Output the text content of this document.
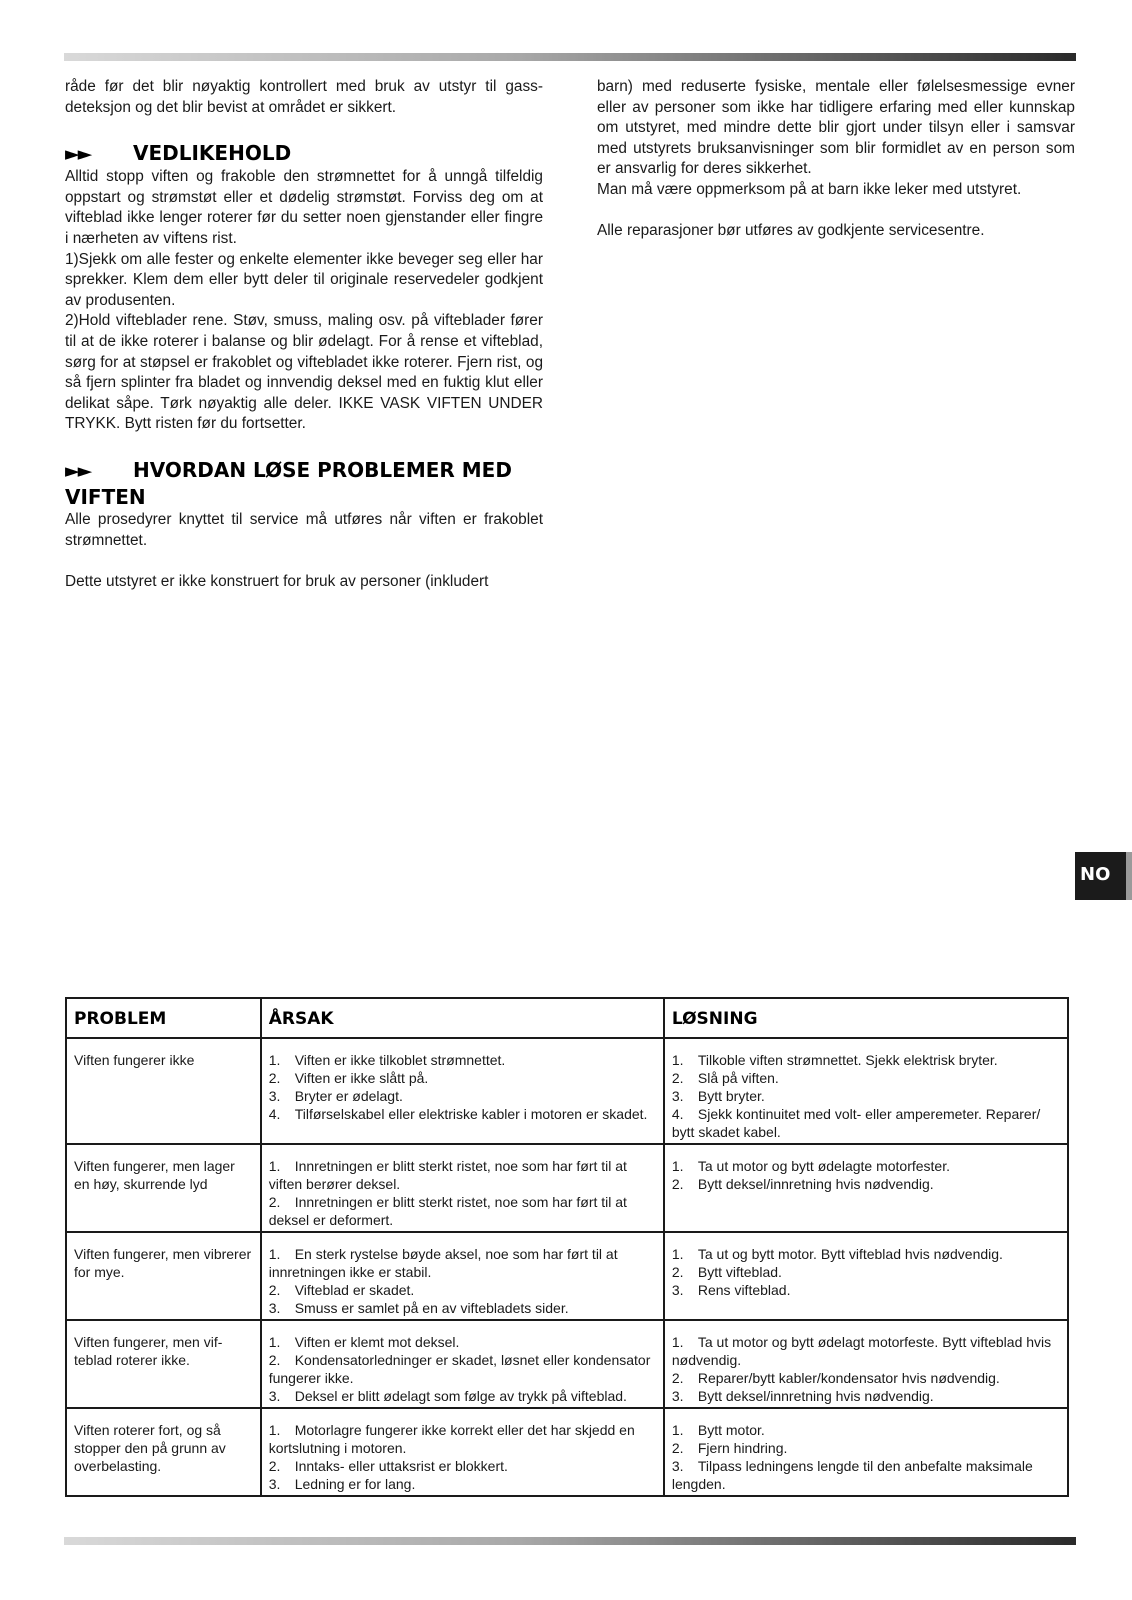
råde før det blir nøyaktig kontrollert med bruk av utstyr til gassdeteksjon og det blir bevist at området er sikkert.

►► VEDLIKEHOLD

Alltid stopp viften og frakoble den strømnettet for å unngå tilfeldig oppstart og strømstøt eller et dødelig strømstøt. Forviss deg om at vifteblad ikke lenger roterer før du setter noen gjenstander eller fingre i nærheten av viftens rist.

1)Sjekk om alle fester og enkelte elementer ikke beveger seg eller har sprekker. Klem dem eller bytt deler til originale reservedeler godkjent av produsenten.

2)Hold vifteblader rene. Støv, smuss, maling osv. på vifteblader fører til at de ikke roterer i balanse og blir ødelagt. For å rense et vifteblad, sørg for at støpsel er frakoblet og viftebladet ikke roterer. Fjern rist, og så fjern splinter fra bladet og innvendig deksel med en fuktig klut eller delikat såpe. Tørk nøyaktig alle deler. IKKE VASK VIFTEN UNDER TRYKK. Bytt risten før du fortsetter.

►► HVORDAN LØSE PROBLEMER MED VIFTEN

Alle prosedyrer knyttet til service må utføres når viften er frakoblet strømnettet.

Dette utstyret er ikke konstruert for bruk av personer (inkludert

barn) med reduserte fysiske, mentale eller følelsesmessige evner eller av personer som ikke har tidligere erfaring med eller kunnskap om utstyret, med mindre dette blir gjort under tilsyn eller i samsvar med utstyrets bruksanvisninger som blir formidlet av en person som er ansvarlig for deres sikkerhet.

Man må være oppmerksom på at barn ikke leker med utstyret.

Alle reparasjoner bør utføres av godkjente servicesentre.

NO
PROBLEM	ÅRSAK	LØSNING
Viften fungerer ikke	1. Viften er ikke tilkoblet strømnettet.
2. Viften er ikke slått på.
3. Bryter er ødelagt.
4. Tilførselskabel eller elektriske kabler i motoren er skadet.	1. Tilkoble viften strømnettet. Sjekk elektrisk bryter.
2. Slå på viften.
3. Bytt bryter.
4. Sjekk kontinuitet med volt- eller amperemeter. Reparer/ bytt skadet kabel.

Viften fungerer, men lager en høy, skurrende lyd	1. Innretningen er blitt sterkt ristet, noe som har ført til at viften berører deksel.
2. Innretningen er blitt sterkt ristet, noe som har ført til at deksel er deformert.	1. Ta ut motor og bytt ødelagte motorfester.
2. Bytt deksel/innretning hvis nødvendig.

Viften fungerer, men vibrerer for mye.	1. En sterk rystelse bøyde aksel, noe som har ført til at innretningen ikke er stabil.
2. Vifteblad er skadet.
3. Smuss er samlet på en av viftebladets sider.	1. Ta ut og bytt motor. Bytt vifteblad hvis nødvendig.
2. Bytt vifteblad.
3. Rens vifteblad.

Viften fungerer, men vifteblad roterer ikke.	1. Viften er klemt mot deksel.
2. Kondensatorledninger er skadet, løsnet eller kondensator fungerer ikke.
3. Deksel er blitt ødelagt som følge av trykk på vifteblad.	1. Ta ut motor og bytt ødelagt motorfeste. Bytt vifteblad hvis nødvendig.
2. Reparer/bytt kabler/kondensator hvis nødvendig.
3. Bytt deksel/innretning hvis nødvendig.

Viften roterer fort, og så stopper den på grunn av overbelasting.	1. Motorlagre fungerer ikke korrekt eller det har skjedd en kortslutning i motoren.
2. Inntaks- eller uttaksrist er blokkert.
3. Ledning er for lang.	1. Bytt motor.
2. Fjern hindring.
3. Tilpass ledningens lengde til den anbefalte maksimale lengden.
